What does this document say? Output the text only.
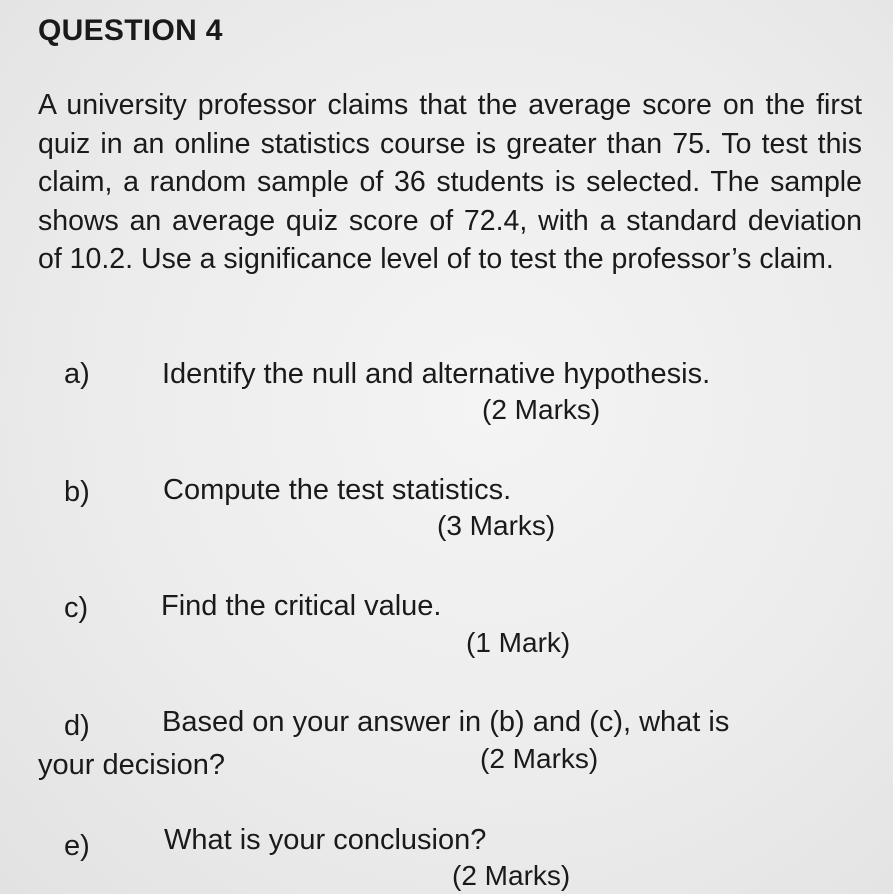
QUESTION 4
A university professor claims that the average score on the first quiz in an online statistics course is greater than 75. To test this claim, a random sample of 36 students is selected. The sample shows an average quiz score of 72.4, with a standard deviation of 10.2. Use a significance level of to test the professor’s claim.
a) Identify the null and alternative hypothesis.
(2 Marks)
b)	Compute the test statistics.
(3 Marks)
c)	Find the critical value.
(1 Mark)
d) Based on your answer in (b) and (c), what is
your decision?	(2 Marks)
e)	What is your conclusion?
(2 Marks)
